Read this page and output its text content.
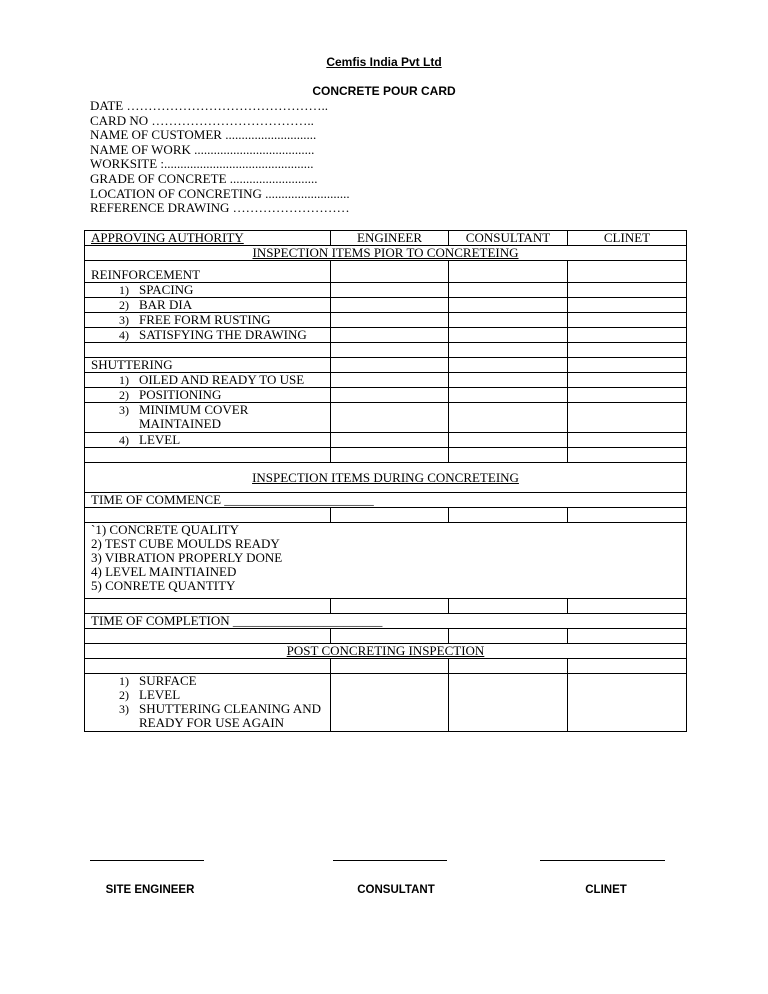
Cemfis India Pvt Ltd
CONCRETE POUR CARD
DATE ………………………………………..
CARD NO ………………………………..
NAME OF CUSTOMER ............................
NAME OF WORK .....................................
WORKSITE :..............................................
GRADE OF CONCRETE ...........................
LOCATION OF CONCRETING ..........................
REFERENCE DRAWING ………………………
APPROVING AUTHORITY	ENGINEER	CONSULTANT	CLINET
INSPECTION ITEMS PIOR TO CONCRETEING			
REINFORCEMENT			
1) SPACING			
2) BAR DIA			
3) FREE FORM RUSTING			
4) SATISFYING THE DRAWING			

SHUTTERING			
1) OILED AND READY TO USE			
2) POSITIONING			
3) MINIMUM COVER
MAINTAINED			
4) LEVEL			

INSPECTION ITEMS DURING CONCRETEING			
TIME OF COMMENCE _______________________			

`1) CONCRETE QUALITY
2) TEST CUBE MOULDS READY
3) VIBRATION PROPERLY DONE
4) LEVEL MAINTIAINED
5) CONRETE QUANTITY			

TIME OF COMPLETION _______________________			

POST CONCRETING INSPECTION			

1) SURFACE
2) LEVEL
3) SHUTTERING CLEANING AND
READY FOR USE AGAIN			

SITE ENGINEER	CONSULTANT	CLINET
